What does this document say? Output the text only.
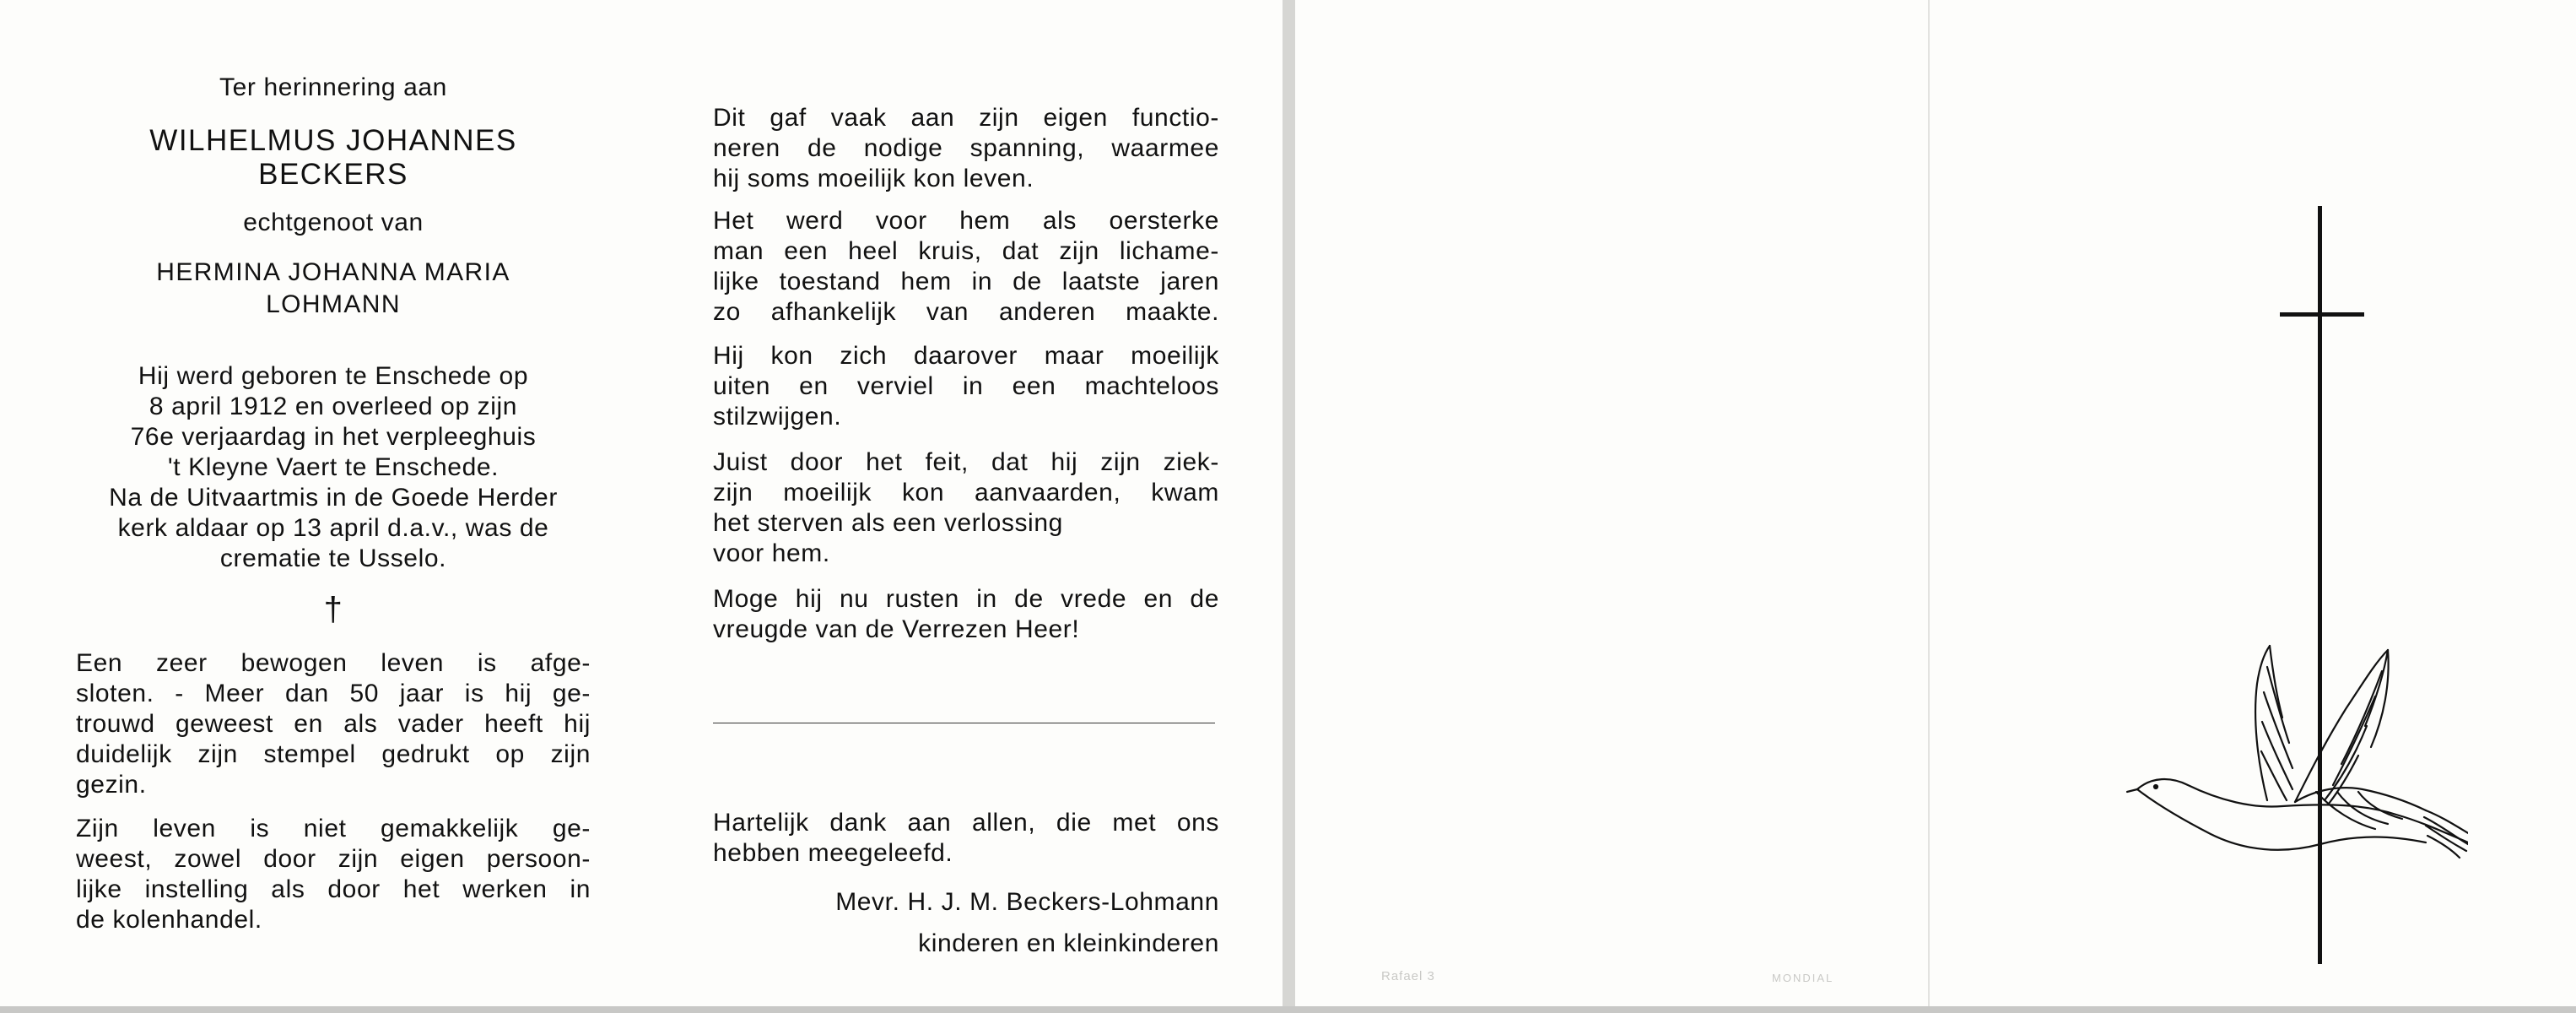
Ter herinnering aan
WILHELMUS JOHANNES
BECKERS
echtgenoot van
HERMINA JOHANNA MARIA
LOHMANN
Hij werd geboren te Enschede op
8 april 1912 en overleed op zijn
76e verjaardag in het verpleeghuis
't Kleyne Vaert te Enschede.
Na de Uitvaartmis in de Goede Herder
kerk aldaar op 13 april d.a.v., was de
crematie te Usselo.
†
Een zeer bewogen leven is afge-
sloten. - Meer dan 50 jaar is hij ge-
trouwd geweest en als vader heeft hij
duidelijk zijn stempel gedrukt op zijn
gezin.
Zijn leven is niet gemakkelijk ge-
weest, zowel door zijn eigen persoon-
lijke instelling als door het werken in
de kolenhandel.
Dit gaf vaak aan zijn eigen functio-
neren de nodige spanning, waarmee
hij soms moeilijk kon leven.
Het werd voor hem als oersterke
man een heel kruis, dat zijn lichame-
lijke toestand hem in de laatste jaren
zo afhankelijk van anderen maakte.
Hij kon zich daarover maar moeilijk
uiten en verviel in een machteloos
stilzwijgen.
Juist door het feit, dat hij zijn ziek-
zijn moeilijk kon aanvaarden, kwam
het sterven als een verlossing
voor hem.
Moge hij nu rusten in de vrede en de
vreugde van de Verrezen Heer!
Hartelijk dank aan allen, die met ons
hebben meegeleefd.
Mevr. H. J. M. Beckers-Lohmann
kinderen en kleinkinderen
Rafael 3	MONDIAL
